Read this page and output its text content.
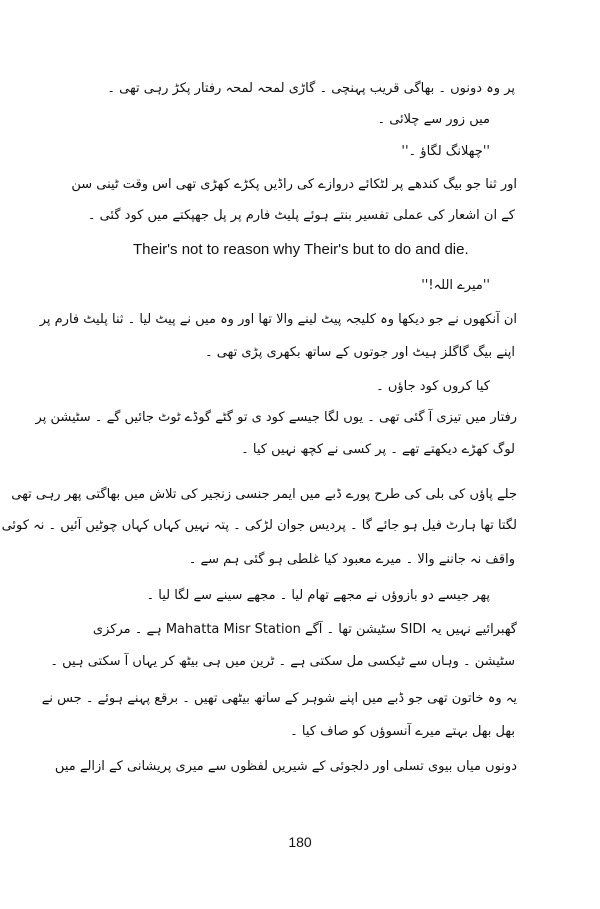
پر وہ دونوں ۔ بھاگی قریب پہنچی ۔ گاڑی لمحہ لمحہ رفتار پکڑ رہی تھی ۔
میں زور سے چلائی ۔
''چھلانگ لگاؤ ۔''
اور ثنا جو بیگ کندھے پر لٹکائے دروازے کی راڈیں پکڑے کھڑی تھی اس وقت ٹینی سن
کے ان اشعار کی عملی تفسیر بنتے ہوئے پلیٹ فارم پر پل جھپکتے میں کود گئی ۔
Their's not to reason why Their's but to do and die.
''میرے اللہ!''
ان آنکھوں نے جو دیکھا وہ کلیجہ پیٹ لینے والا تھا اور وہ میں نے پیٹ لیا ۔ ثنا پلیٹ فارم پر
اپنے بیگ گاگلز ہیٹ اور جوتوں کے ساتھ بکھری پڑی تھی ۔
کیا کروں کود جاؤں ۔
رفتار میں تیزی آ گئی تھی ۔ یوں لگا جیسے کود ی تو گٹے گوڈے ٹوٹ جائیں گے ۔ سٹیشن پر
لوگ کھڑے دیکھتے تھے ۔ پر کسی نے کچھ نہیں کیا ۔
جلے پاؤں کی بلی کی طرح پورے ڈبے میں ایمر جنسی زنجیر کی تلاش میں بھاگتی پھر رہی تھی
لگتا تھا ہارٹ فیل ہو جائے گا ۔ پردیس جوان لڑکی ۔ پتہ نہیں کہاں کہاں چوٹیں آئیں ۔ نہ کوئی
واقف نہ جاننے والا ۔ میرے معبود کیا غلطی ہو گئی ہم سے ۔
پھر جیسے دو بازوؤں نے مجھے تھام لیا ۔ مجھے سینے سے لگا لیا ۔
گھبرائیے نہیں یہ SIDI سٹیشن تھا ۔ آگے Mahatta Misr Station ہے ۔ مرکزی
سٹیشن ۔ وہاں سے ٹیکسی مل سکتی ہے ۔ ٹرین میں ہی بیٹھ کر یہاں آ سکتی ہیں ۔
یہ وہ خاتون تھی جو ڈبے میں اپنے شوہر کے ساتھ بیٹھی تھیں ۔ برقع پہنے ہوئے ۔ جس نے
بھل بھل بہتے میرے آنسوؤں کو صاف کیا ۔
دونوں میاں بیوی تسلی اور دلجوئی کے شیریں لفظوں سے میری پریشانی کے ازالے میں
180
